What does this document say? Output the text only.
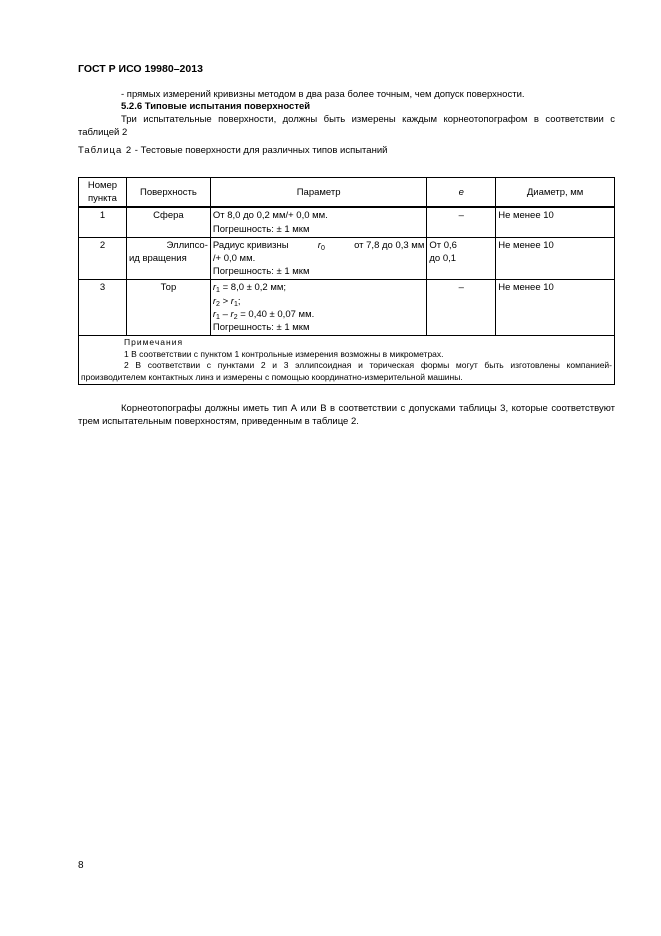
ГОСТ Р ИСО 19980–2013
- прямых измерений кривизны методом в два раза более точным, чем допуск поверхности.
5.2.6 Типовые испытания поверхностей
Три испытательные поверхности, должны быть измерены каждым корнеотопографом в соответствии с таблицей 2
Таблица 2 - Тестовые поверхности для различных типов испытаний
Номер
пункта	Поверхность	Параметр	e	Диаметр, мм
1	Сфера	От 8,0 до 0,2 мм/+ 0,0 мм.
Погрешность: ± 1 мкм	–	Не менее 10
2	Эллипсо-
ид вращения	Радиус кривизны $r_0$ от 7,8 до 0,3 мм
/+ 0,0 мм.
Погрешность: ± 1 мкм	От 0,6
до 0,1	Не менее 10
3	Тор	$r_1 = 8,0 \pm 0,2$ мм;
$r_2 > r_1$;
$r_1 - r_2 = 0,40 \pm 0,07$ мм.
Погрешность: ± 1 мкм	–	Не менее 10

Примечания
1 В соответствии с пунктом 1 контрольные измерения возможны в микрометрах.
2 В соответствии с пунктами 2 и 3 эллипсоидная и торическая формы могут быть изготовлены компанией-производителем контактных линз и измерены с помощью координатно-измерительной машины.				
Корнеотопографы должны иметь тип А или В в соответствии с допусками таблицы 3, которые соответствуют трем испытательным поверхностям, приведенным в таблице 2.
8
